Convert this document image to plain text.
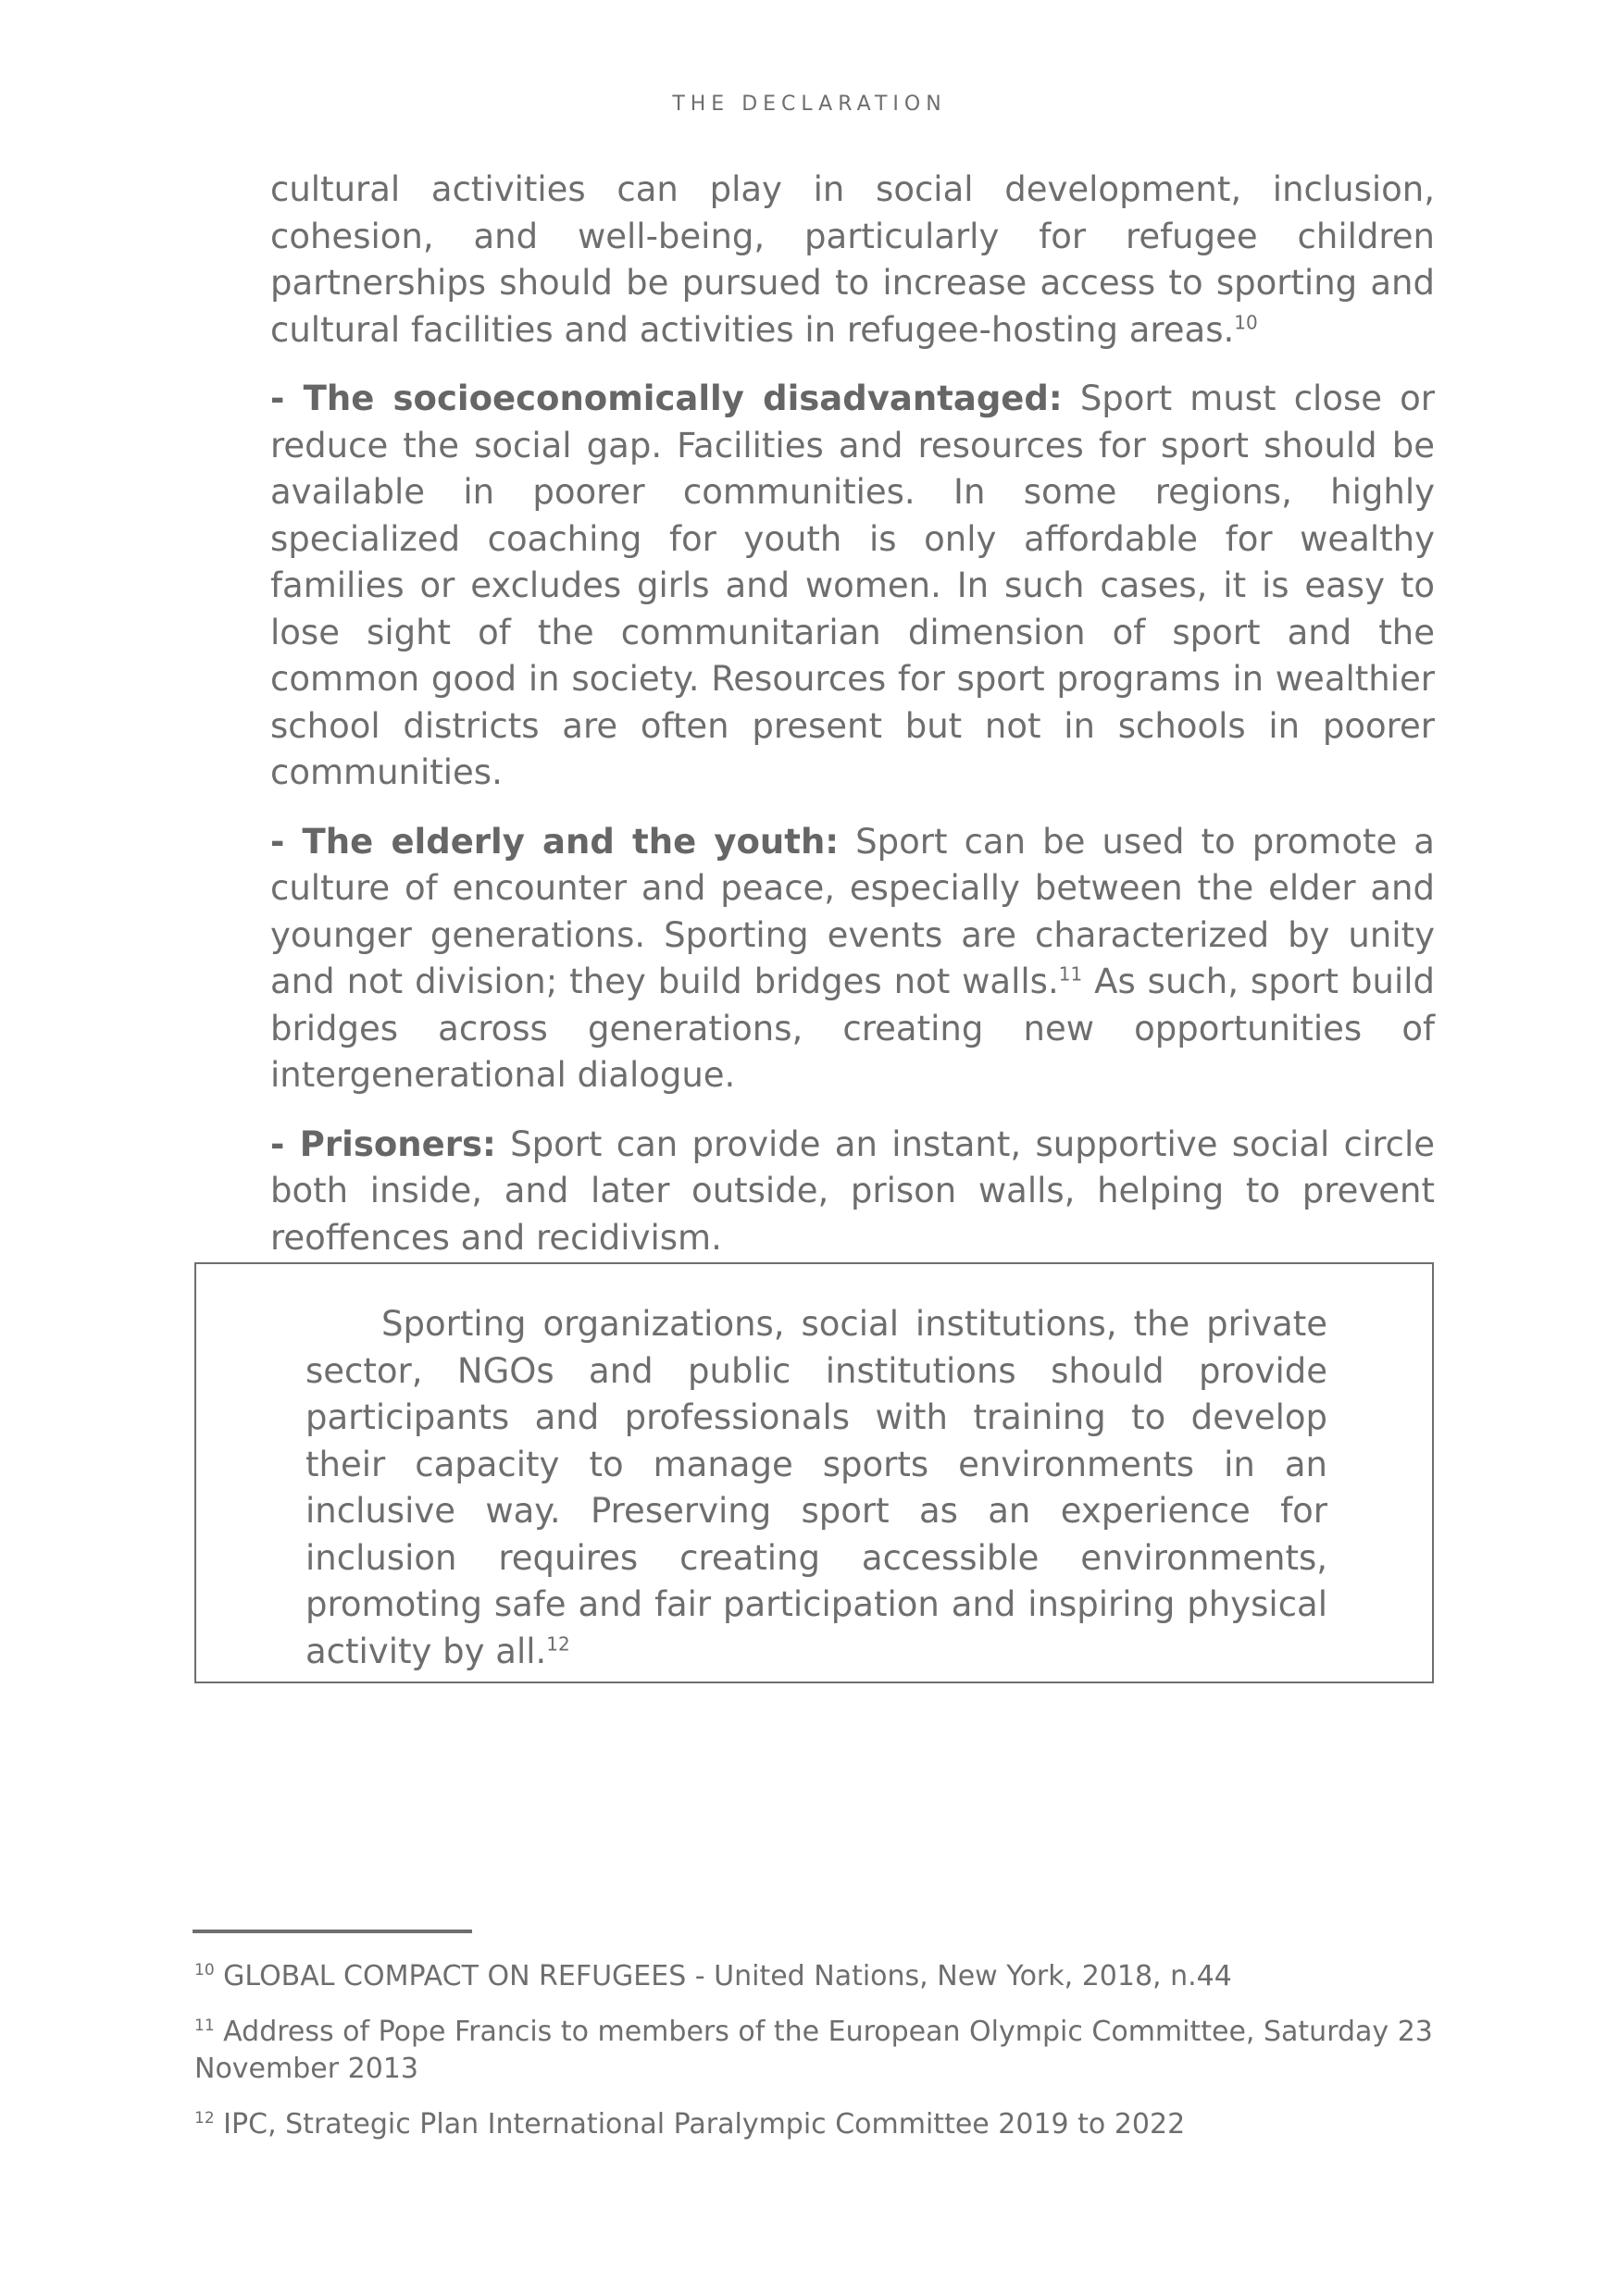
THE DECLARATION

cultural activities can play in social development, inclusion, cohesion, and well-being, particularly for refugee children partnerships should be pursued to increase access to sporting and cultural facilities and activities in refugee-hosting areas.$^{10}$

- The socioeconomically disadvantaged: Sport must close or reduce the social gap. Facilities and resources for sport should be available in poorer communities. In some regions, highly specialized coaching for youth is only affordable for wealthy families or excludes girls and women. In such cases, it is easy to lose sight of the communitarian dimension of sport and the common good in society. Resources for sport programs in wealthier school districts are often present but not in schools in poorer communities.

- The elderly and the youth: Sport can be used to promote a culture of encounter and peace, especially between the elder and younger generations. Sporting events are characterized by unity and not division; they build bridges not walls.$^{11}$ As such, sport build bridges across generations, creating new opportunities of intergenerational dialogue.

- Prisoners: Sport can provide an instant, supportive social circle both inside, and later outside, prison walls, helping to prevent reoffences and recidivism.

Sporting organizations, social institutions, the private sector, NGOs and public institutions should provide participants and professionals with training to develop their capacity to manage sports environments in an inclusive way. Preserving sport as an experience for inclusion requires creating accessible environments, promoting safe and fair participation and inspiring physical activity by all.$^{12}$

$^{10}$ GLOBAL COMPACT ON REFUGEES - United Nations, New York, 2018, n.44

$^{11}$ Address of Pope Francis to members of the European Olympic Committee, Saturday 23 November 2013

$^{12}$ IPC, Strategic Plan International Paralympic Committee 2019 to 2022
